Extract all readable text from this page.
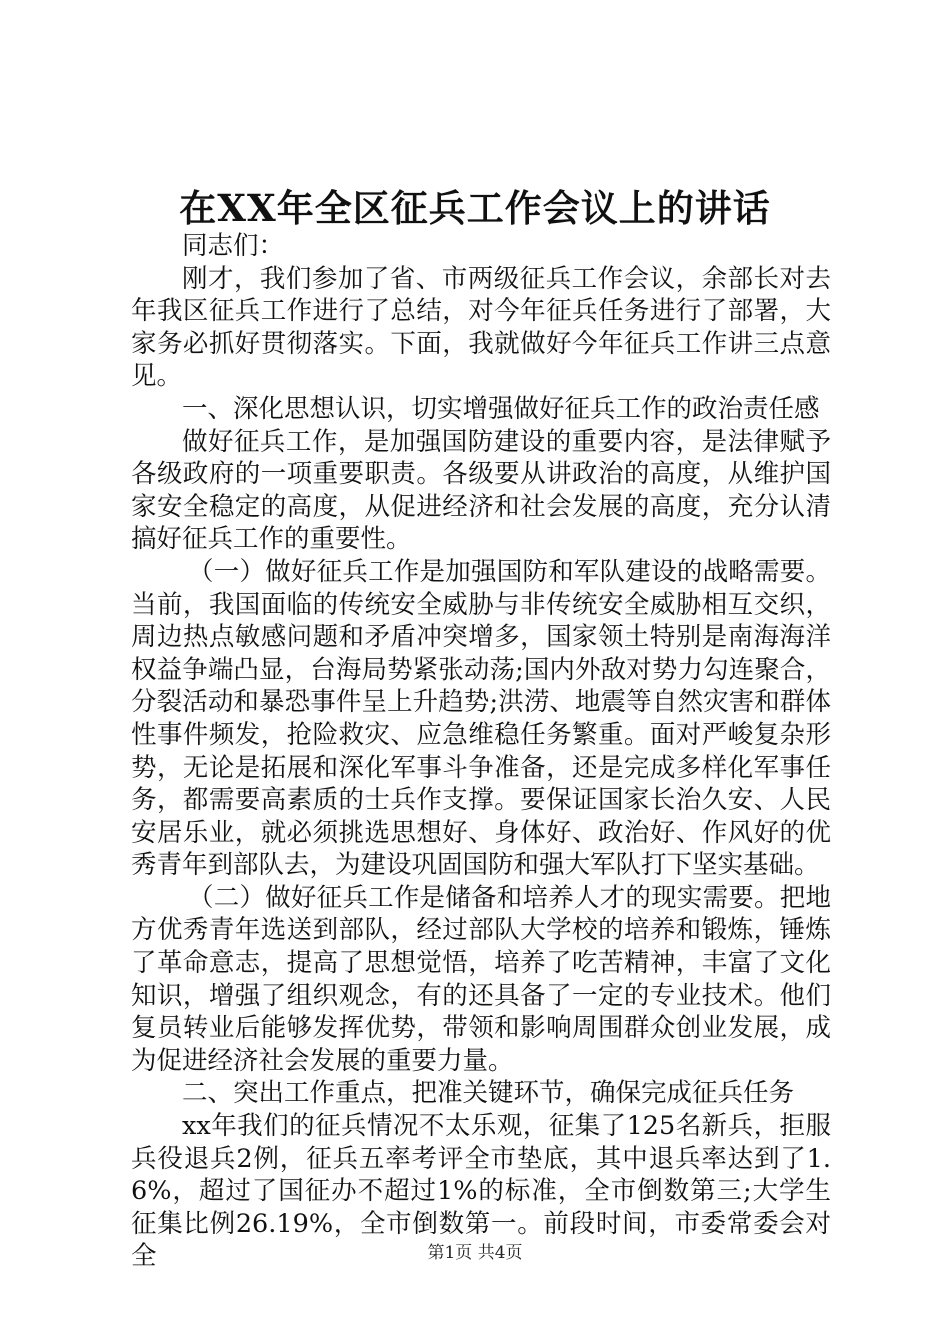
在XX年全区征兵工作会议上的讲话

同志们：

刚才，我们参加了省、市两级征兵工作会议，余部长对去年我区征兵工作进行了总结，对今年征兵任务进行了部署，大家务必抓好贯彻落实。下面，我就做好今年征兵工作讲三点意见。

一、深化思想认识，切实增强做好征兵工作的政治责任感

做好征兵工作，是加强国防建设的重要内容，是法律赋予各级政府的一项重要职责。各级要从讲政治的高度，从维护国家安全稳定的高度，从促进经济和社会发展的高度，充分认清搞好征兵工作的重要性。

（一）做好征兵工作是加强国防和军队建设的战略需要。当前，我国面临的传统安全威胁与非传统安全威胁相互交织，周边热点敏感问题和矛盾冲突增多，国家领土特别是南海海洋权益争端凸显，台海局势紧张动荡;国内外敌对势力勾连聚合，分裂活动和暴恐事件呈上升趋势;洪涝、地震等自然灾害和群体性事件频发，抢险救灾、应急维稳任务繁重。面对严峻复杂形势，无论是拓展和深化军事斗争准备，还是完成多样化军事任务，都需要高素质的士兵作支撑。要保证国家长治久安、人民安居乐业，就必须挑选思想好、身体好、政治好、作风好的优秀青年到部队去，为建设巩固国防和强大军队打下坚实基础。

（二）做好征兵工作是储备和培养人才的现实需要。把地方优秀青年选送到部队，经过部队大学校的培养和锻炼，锤炼了革命意志，提高了思想觉悟，培养了吃苦精神，丰富了文化知识，增强了组织观念，有的还具备了一定的专业技术。他们复员转业后能够发挥优势，带领和影响周围群众创业发展，成为促进经济社会发展的重要力量。

二、突出工作重点，把准关键环节，确保完成征兵任务

xx年我们的征兵情况不太乐观，征集了125名新兵，拒服兵役退兵2例，征兵五率考评全市垫底，其中退兵率达到了1.6%，超过了国征办不超过1%的标准，全市倒数第三;大学生征集比例26.19%，全市倒数第一。前段时间，市委常委会对全	第1页 共4页
